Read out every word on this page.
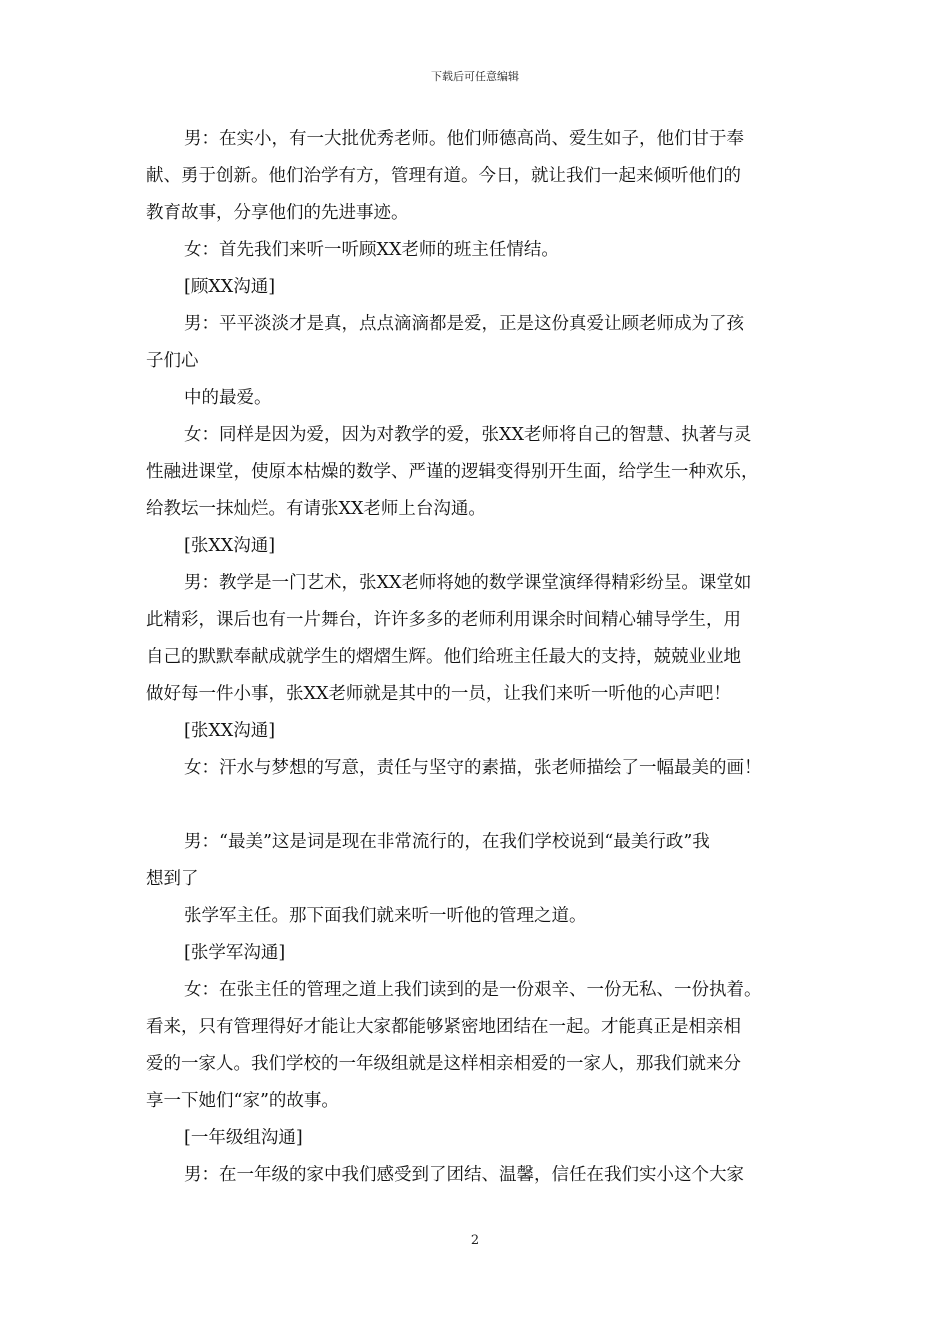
下载后可任意编辑

男：在实小，有一大批优秀老师。他们师德高尚、爱生如子，他们甘于奉

献、勇于创新。他们治学有方，管理有道。今日，就让我们一起来倾听他们的

教育故事，分享他们的先进事迹。

女：首先我们来听一听顾XX老师的班主任情结。

[顾XX沟通]

男：平平淡淡才是真，点点滴滴都是爱，正是这份真爱让顾老师成为了孩

子们心

中的最爱。

女：同样是因为爱，因为对教学的爱，张XX老师将自己的智慧、执著与灵

性融进课堂，使原本枯燥的数学、严谨的逻辑变得别开生面，给学生一种欢乐，

给教坛一抹灿烂。有请张XX老师上台沟通。

[张XX沟通]

男：教学是一门艺术，张XX老师将她的数学课堂演绎得精彩纷呈。课堂如

此精彩，课后也有一片舞台，许许多多的老师利用课余时间精心辅导学生，用

自己的默默奉献成就学生的熠熠生辉。他们给班主任最大的支持，兢兢业业地

做好每一件小事，张XX老师就是其中的一员，让我们来听一听他的心声吧！

[张XX沟通]

女：汗水与梦想的写意，责任与坚守的素描，张老师描绘了一幅最美的画！

男：“最美”这是词是现在非常流行的，在我们学校说到“最美行政”我

想到了

张学军主任。那下面我们就来听一听他的管理之道。

[张学军沟通]

女：在张主任的管理之道上我们读到的是一份艰辛、一份无私、一份执着。

看来，只有管理得好才能让大家都能够紧密地团结在一起。才能真正是相亲相

爱的一家人。我们学校的一年级组就是这样相亲相爱的一家人，那我们就来分

享一下她们“家”的故事。

[一年级组沟通]

男：在一年级的家中我们感受到了团结、温馨，信任在我们实小这个大家

2
